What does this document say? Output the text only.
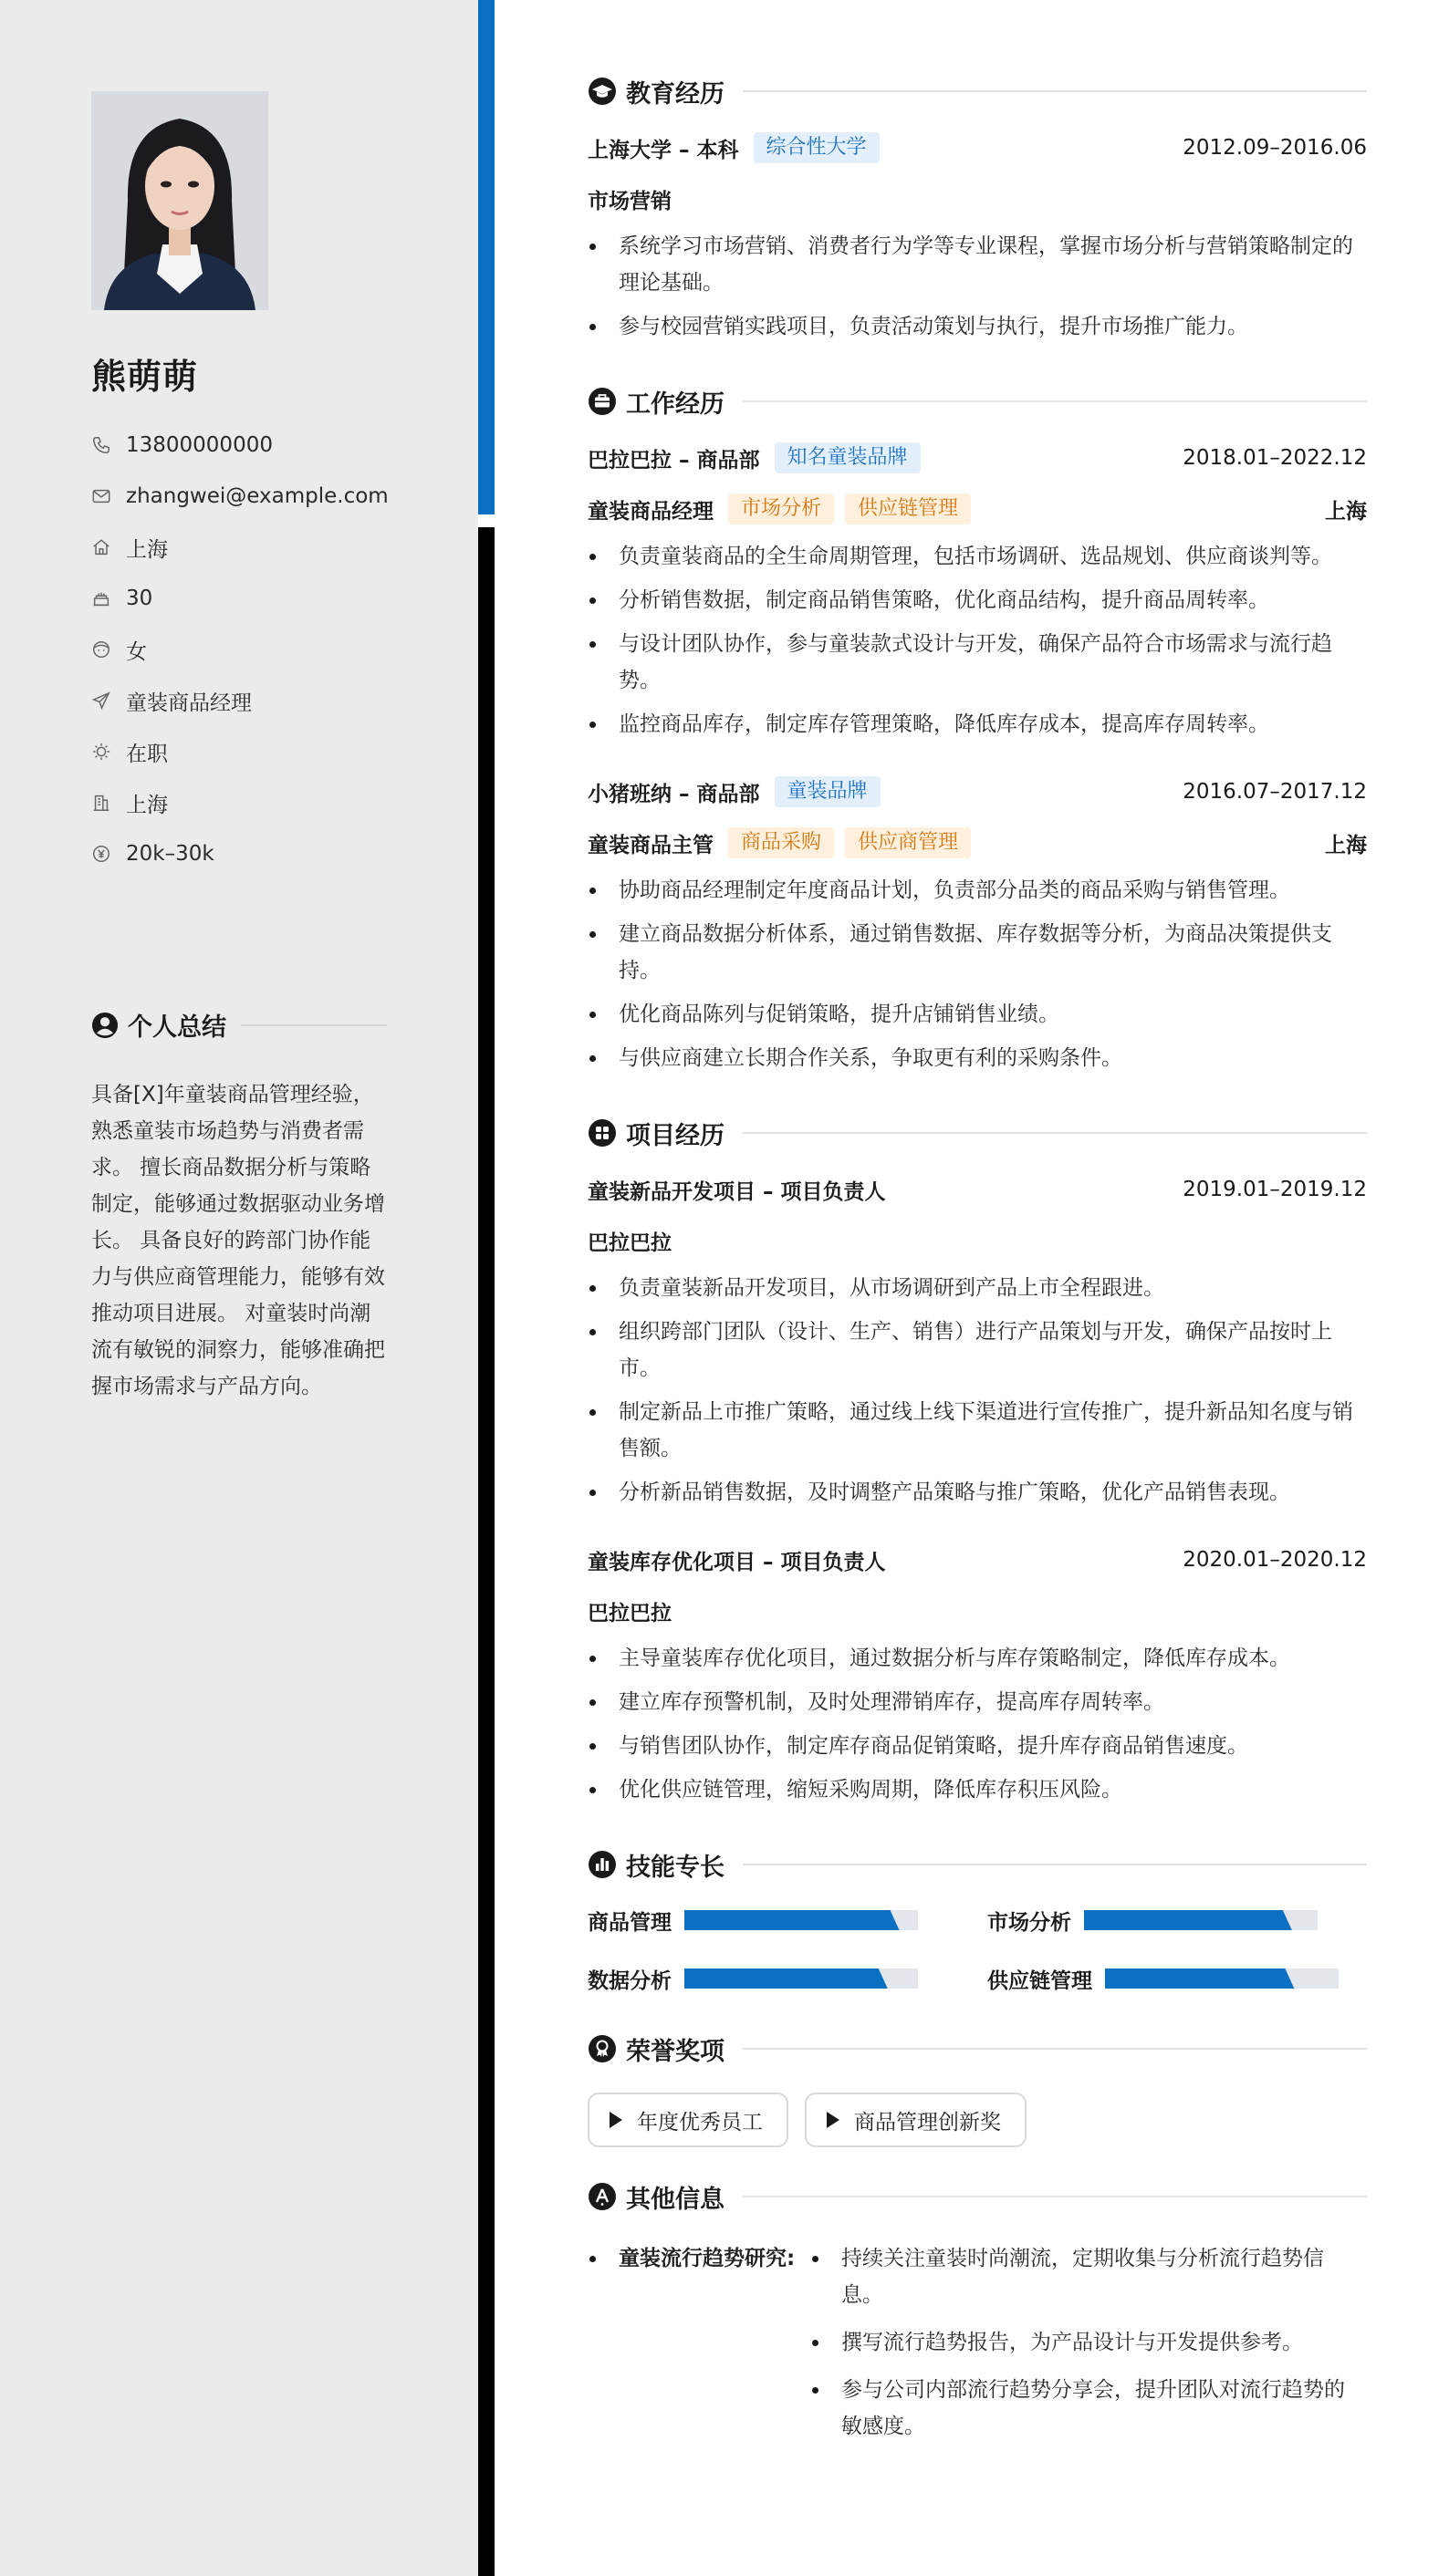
熊萌萌
13800000000
zhangwei@example.com
上海
30
女
童装商品经理
在职
上海
20k–30k
个人总结
具备[X]年童装商品管理经验，熟悉童装市场趋势与消费者需求。 擅长商品数据分析与策略制定，能够通过数据驱动业务增长。 具备良好的跨部门协作能力与供应商管理能力，能够有效推动项目进展。 对童装时尚潮流有敏锐的洞察力，能够准确把握市场需求与产品方向。
教育经历
上海大学 – 本科	综合性大学	2012.09–2016.06
市场营销
系统学习市场营销、消费者行为学等专业课程，掌握市场分析与营销策略制定的理论基础。
参与校园营销实践项目，负责活动策划与执行，提升市场推广能力。
工作经历
巴拉巴拉 – 商品部	知名童装品牌	2018.01–2022.12
童装商品经理	市场分析	供应链管理	上海
负责童装商品的全生命周期管理，包括市场调研、选品规划、供应商谈判等。
分析销售数据，制定商品销售策略，优化商品结构，提升商品周转率。
与设计团队协作，参与童装款式设计与开发，确保产品符合市场需求与流行趋势。
监控商品库存，制定库存管理策略，降低库存成本，提高库存周转率。
小猪班纳 – 商品部	童装品牌	2016.07–2017.12
童装商品主管	商品采购	供应商管理	上海
协助商品经理制定年度商品计划，负责部分品类的商品采购与销售管理。
建立商品数据分析体系，通过销售数据、库存数据等分析，为商品决策提供支持。
优化商品陈列与促销策略，提升店铺销售业绩。
与供应商建立长期合作关系，争取更有利的采购条件。
项目经历
童装新品开发项目 – 项目负责人	2019.01–2019.12
巴拉巴拉
负责童装新品开发项目，从市场调研到产品上市全程跟进。
组织跨部门团队（设计、生产、销售）进行产品策划与开发，确保产品按时上市。
制定新品上市推广策略，通过线上线下渠道进行宣传推广，提升新品知名度与销售额。
分析新品销售数据，及时调整产品策略与推广策略，优化产品销售表现。
童装库存优化项目 – 项目负责人	2020.01–2020.12
巴拉巴拉
主导童装库存优化项目，通过数据分析与库存策略制定，降低库存成本。
建立库存预警机制，及时处理滞销库存，提高库存周转率。
与销售团队协作，制定库存商品促销策略，提升库存商品销售速度。
优化供应链管理，缩短采购周期，降低库存积压风险。
技能专长
商品管理	市场分析
数据分析	供应链管理
荣誉奖项
年度优秀员工	商品管理创新奖
其他信息
童装流行趋势研究:	持续关注童装时尚潮流，定期收集与分析流行趋势信息。
撰写流行趋势报告，为产品设计与开发提供参考。
参与公司内部流行趋势分享会，提升团队对流行趋势的敏感度。
